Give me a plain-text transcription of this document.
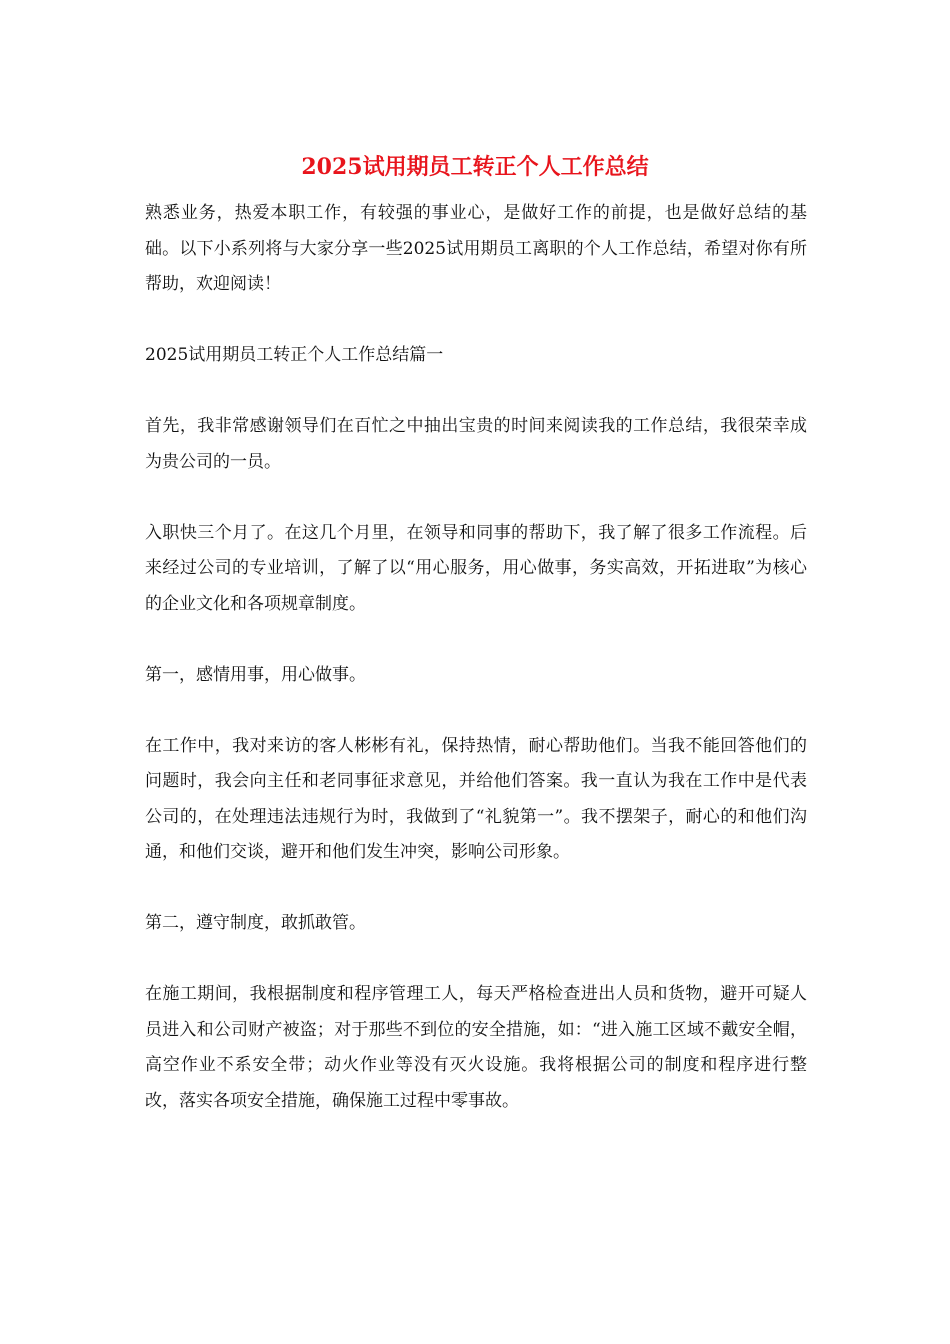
2025试用期员工转正个人工作总结

熟悉业务，热爱本职工作，有较强的事业心，是做好工作的前提，也是做好总结的基础。以下小系列将与大家分享一些2025试用期员工离职的个人工作总结，希望对你有所帮助，欢迎阅读！

2025试用期员工转正个人工作总结篇一

首先，我非常感谢领导们在百忙之中抽出宝贵的时间来阅读我的工作总结，我很荣幸成为贵公司的一员。

入职快三个月了。在这几个月里，在领导和同事的帮助下，我了解了很多工作流程。后来经过公司的专业培训，了解了以“用心服务，用心做事，务实高效，开拓进取”为核心的企业文化和各项规章制度。

第一，感情用事，用心做事。

在工作中，我对来访的客人彬彬有礼，保持热情，耐心帮助他们。当我不能回答他们的问题时，我会向主任和老同事征求意见，并给他们答案。我一直认为我在工作中是代表公司的，在处理违法违规行为时，我做到了“礼貌第一”。我不摆架子，耐心的和他们沟通，和他们交谈，避开和他们发生冲突，影响公司形象。

第二，遵守制度，敢抓敢管。

在施工期间，我根据制度和程序管理工人，每天严格检查进出人员和货物，避开可疑人员进入和公司财产被盗；对于那些不到位的安全措施，如：“进入施工区域不戴安全帽，高空作业不系安全带；动火作业等没有灭火设施。我将根据公司的制度和程序进行整改，落实各项安全措施，确保施工过程中零事故。
